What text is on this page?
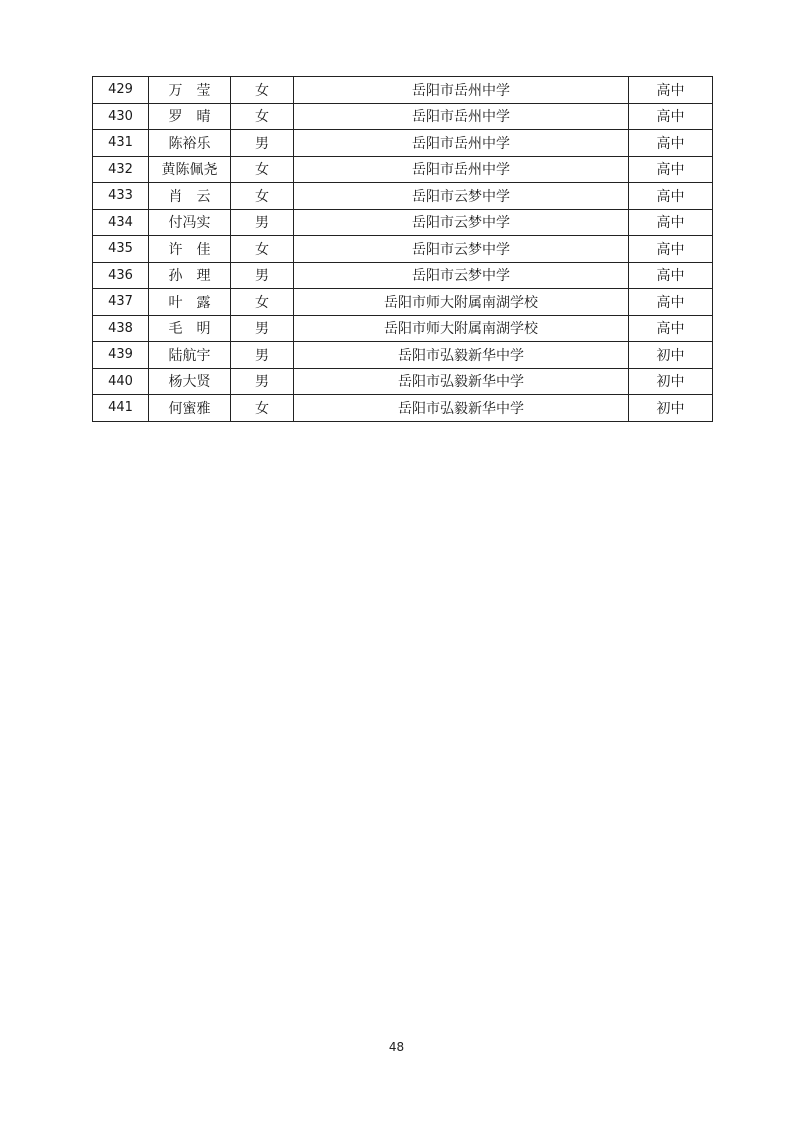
429	万　莹	女	岳阳市岳州中学	高中
430	罗　晴	女	岳阳市岳州中学	高中
431	陈裕乐	男	岳阳市岳州中学	高中
432	黄陈佩尧	女	岳阳市岳州中学	高中
433	肖　云	女	岳阳市云梦中学	高中
434	付冯实	男	岳阳市云梦中学	高中
435	许　佳	女	岳阳市云梦中学	高中
436	孙　理	男	岳阳市云梦中学	高中
437	叶　露	女	岳阳市师大附属南湖学校	高中
438	毛　明	男	岳阳市师大附属南湖学校	高中
439	陆航宇	男	岳阳市弘毅新华中学	初中
440	杨大贤	男	岳阳市弘毅新华中学	初中
441	何蜜雅	女	岳阳市弘毅新华中学	初中
48
